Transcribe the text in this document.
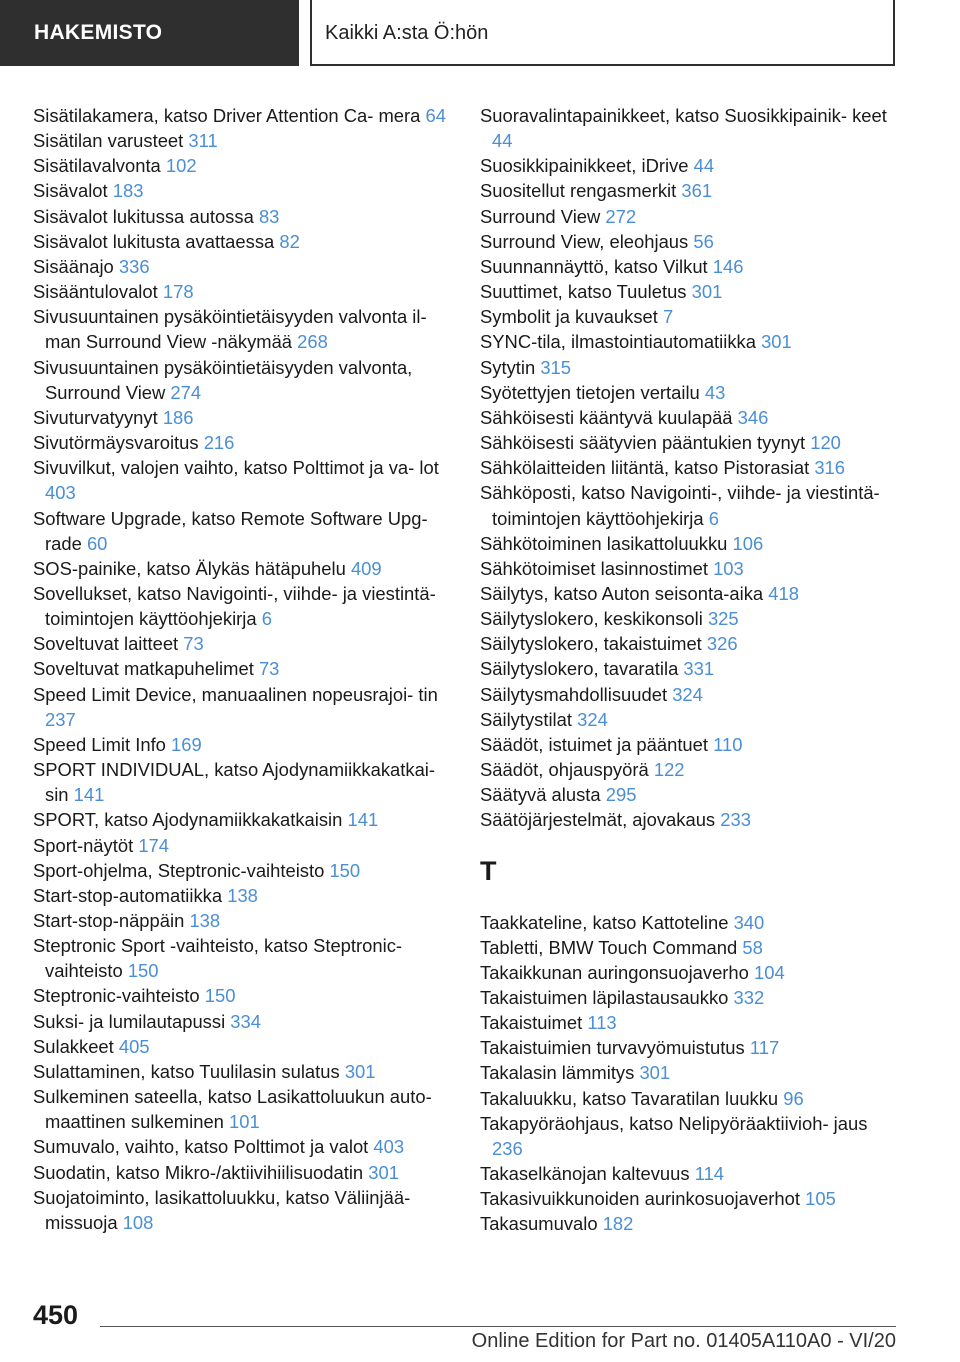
HAKEMISTO	Kaikki A:sta Ö:hön
Sisätilakamera, katso Driver Attention Ca‐ mera 64
Sisätilan varusteet 311
Sisätilavalvonta 102
Sisävalot 183
Sisävalot lukitussa autossa 83
Sisävalot lukitusta avattaessa 82
Sisäänajo 336
Sisääntulovalot 178
Sivusuuntainen pysäköintietäisyyden valvonta il‐ man Surround View -näkymää 268
Sivusuuntainen pysäköintietäisyyden valvonta, Surround View 274
Sivuturvatyynyt 186
Sivutörmäysvaroitus 216
Sivuvilkut, valojen vaihto, katso Polttimot ja va‐ lot 403
Software Upgrade, katso Remote Software Upg‐ rade 60
SOS-painike, katso Älykäs hätäpuhelu 409
Sovellukset, katso Navigointi-, viihde- ja viestintä- toimintojen käyttöohjekirja 6
Soveltuvat laitteet 73
Soveltuvat matkapuhelimet 73
Speed Limit Device, manuaalinen nopeusrajoi‐ tin 237
Speed Limit Info 169
SPORT INDIVIDUAL, katso Ajodynamiikkakatkai‐ sin 141
SPORT, katso Ajodynamiikkakatkaisin 141
Sport-näytöt 174
Sport-ohjelma, Steptronic-vaihteisto 150
Start-stop-automatiikka 138
Start-stop-näppäin 138
Steptronic Sport -vaihteisto, katso Steptronic- vaihteisto 150
Steptronic-vaihteisto 150
Suksi- ja lumilautapussi 334
Sulakkeet 405
Sulattaminen, katso Tuulilasin sulatus 301
Sulkeminen sateella, katso Lasikattoluukun auto‐ maattinen sulkeminen 101
Sumuvalo, vaihto, katso Polttimot ja valot 403
Suodatin, katso Mikro-/aktiivihiilisuodatin 301
Suojatoiminto, lasikattoluukku, katso Väliinjää‐ missuoja 108
Suoravalintapainikkeet, katso Suosikkipainik‐ keet 44
Suosikkipainikkeet, iDrive 44
Suositellut rengasmerkit 361
Surround View 272
Surround View, eleohjaus 56
Suunnannäyttö, katso Vilkut 146
Suuttimet, katso Tuuletus 301
Symbolit ja kuvaukset 7
SYNC-tila, ilmastointiautomatiikka 301
Sytytin 315
Syötettyjen tietojen vertailu 43
Sähköisesti kääntyvä kuulapää 346
Sähköisesti säätyvien pääntukien tyynyt 120
Sähkölaitteiden liitäntä, katso Pistorasiat 316
Sähköposti, katso Navigointi-, viihde- ja viestintä- toimintojen käyttöohjekirja 6
Sähkötoiminen lasikattoluukku 106
Sähkötoimiset lasinnostimet 103
Säilytys, katso Auton seisonta-aika 418
Säilytyslokero, keskikonsoli 325
Säilytyslokero, takaistuimet 326
Säilytyslokero, tavaratila 331
Säilytysmahdollisuudet 324
Säilytystilat 324
Säädöt, istuimet ja pääntuet 110
Säädöt, ohjauspyörä 122
Säätyvä alusta 295
Säätöjärjestelmät, ajovakaus 233
T
Taakkateline, katso Kattoteline 340
Tabletti, BMW Touch Command 58
Takaikkunan auringonsuojaverho 104
Takaistuimen läpilastausaukko 332
Takaistuimet 113
Takaistuimien turvavyömuistutus 117
Takalasin lämmitys 301
Takaluukku, katso Tavaratilan luukku 96
Takapyöräohjaus, katso Nelipyöräaktiivioh‐ jaus 236
Takaselkänojan kaltevuus 114
Takasivuikkunoiden aurinkosuojaverhot 105
Takasumuvalo 182
450
Online Edition for Part no. 01405A110A0 - VI/20
